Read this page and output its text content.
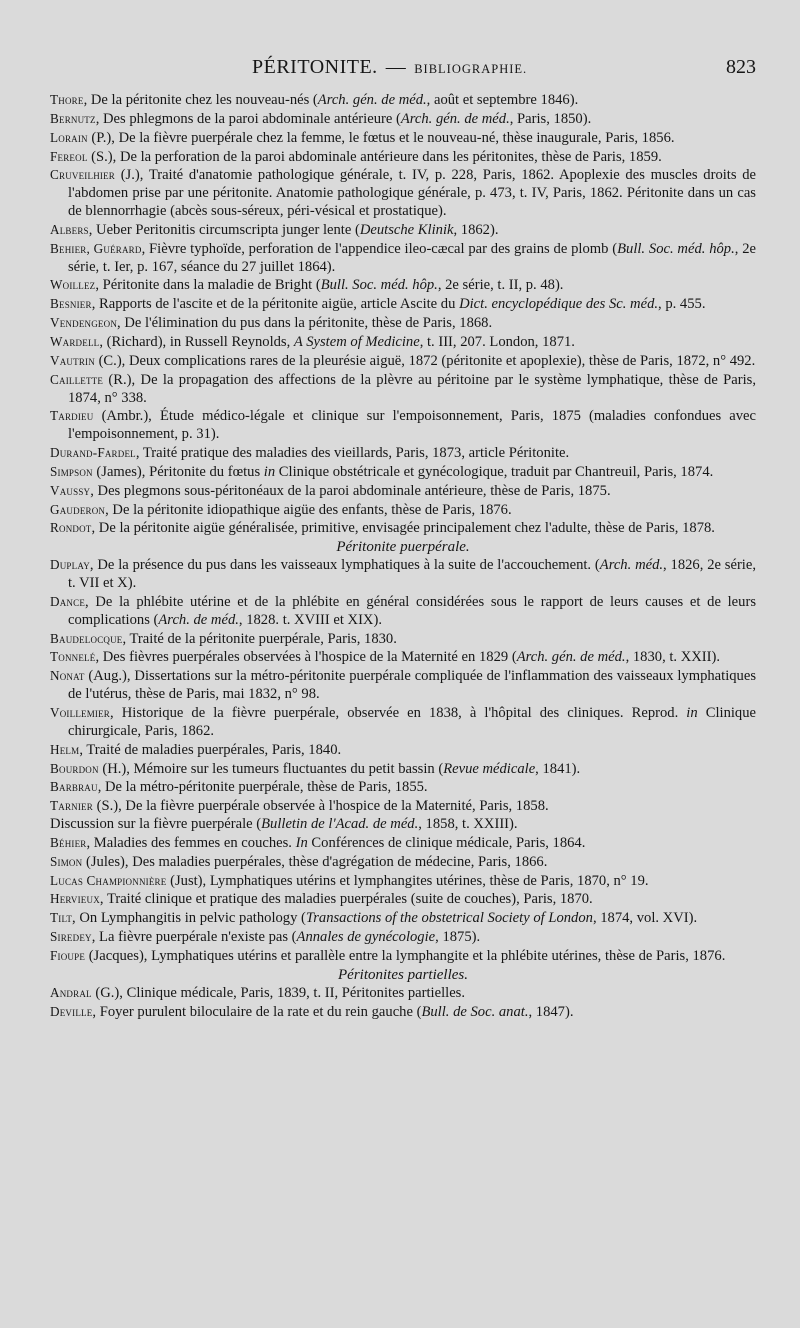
PÉRITONITE. — BIBLIOGRAPHIE.	823

Thore, De la péritonite chez les nouveau-nés (Arch. gén. de méd., août et septembre 1846).

Bernutz, Des phlegmons de la paroi abdominale antérieure (Arch. gén. de méd., Paris, 1850).

Lorain (P.), De la fièvre puerpérale chez la femme, le fœtus et le nouveau-né, thèse inaugurale, Paris, 1856.

Fereol (S.), De la perforation de la paroi abdominale antérieure dans les péritonites, thèse de Paris, 1859.

Cruveilhier (J.), Traité d'anatomie pathologique générale, t. IV, p. 228, Paris, 1862. Apoplexie des muscles droits de l'abdomen prise par une péritonite. Anatomie pathologique générale, p. 473, t. IV, Paris, 1862. Péritonite dans un cas de blennorrhagie (abcès sous-séreux, péri-vésical et prostatique).

Albers, Ueber Peritonitis circumscripta junger lente (Deutsche Klinik, 1862).

Behier, Guérard, Fièvre typhoïde, perforation de l'appendice ileo-cæcal par des grains de plomb (Bull. Soc. méd. hôp., 2e série, t. Ier, p. 167, séance du 27 juillet 1864).

Woillez, Péritonite dans la maladie de Bright (Bull. Soc. méd. hôp., 2e série, t. II, p. 48).

Besnier, Rapports de l'ascite et de la péritonite aigüe, article Ascite du Dict. encyclopédique des Sc. méd., p. 455.

Vendengeon, De l'élimination du pus dans la péritonite, thèse de Paris, 1868.

Wardell, (Richard), in Russell Reynolds, A System of Medicine, t. III, 207. London, 1871.

Vautrin (C.), Deux complications rares de la pleurésie aiguë, 1872 (péritonite et apoplexie), thèse de Paris, 1872, n° 492.

Caillette (R.), De la propagation des affections de la plèvre au péritoine par le système lymphatique, thèse de Paris, 1874, n° 338.

Tardieu (Ambr.), Étude médico-légale et clinique sur l'empoisonnement, Paris, 1875 (maladies confondues avec l'empoisonnement, p. 31).

Durand-Fardel, Traité pratique des maladies des vieillards, Paris, 1873, article Péritonite.

Simpson (James), Péritonite du fœtus in Clinique obstétricale et gynécologique, traduit par Chantreuil, Paris, 1874.

Vaussy, Des plegmons sous-péritonéaux de la paroi abdominale antérieure, thèse de Paris, 1875.

Gauderon, De la péritonite idiopathique aigüe des enfants, thèse de Paris, 1876.

Rondot, De la péritonite aigüe généralisée, primitive, envisagée principalement chez l'adulte, thèse de Paris, 1878.

Péritonite puerpérale.

Duplay, De la présence du pus dans les vaisseaux lymphatiques à la suite de l'accouchement. (Arch. méd., 1826, 2e série, t. VII et X).

Dance, De la phlébite utérine et de la phlébite en général considérées sous le rapport de leurs causes et de leurs complications (Arch. de méd., 1828. t. XVIII et XIX).

Baudelocque, Traité de la péritonite puerpérale, Paris, 1830.

Tonnelé, Des fièvres puerpérales observées à l'hospice de la Maternité en 1829 (Arch. gén. de méd., 1830, t. XXII).

Nonat (Aug.), Dissertations sur la métro-péritonite puerpérale compliquée de l'inflammation des vaisseaux lymphatiques de l'utérus, thèse de Paris, mai 1832, n° 98.

Voillemier, Historique de la fièvre puerpérale, observée en 1838, à l'hôpital des cliniques. Reprod. in Clinique chirurgicale, Paris, 1862.

Helm, Traité de maladies puerpérales, Paris, 1840.

Bourdon (H.), Mémoire sur les tumeurs fluctuantes du petit bassin (Revue médicale, 1841).

Barbrau, De la métro-péritonite puerpérale, thèse de Paris, 1855.

Tarnier (S.), De la fièvre puerpérale observée à l'hospice de la Maternité, Paris, 1858.

Discussion sur la fièvre puerpérale (Bulletin de l'Acad. de méd., 1858, t. XXIII).

Béhier, Maladies des femmes en couches. In Conférences de clinique médicale, Paris, 1864.

Simon (Jules), Des maladies puerpérales, thèse d'agrégation de médecine, Paris, 1866.

Lucas Championnière (Just), Lymphatiques utérins et lymphangites utérines, thèse de Paris, 1870, n° 19.

Hervieux, Traité clinique et pratique des maladies puerpérales (suite de couches), Paris, 1870.

Tilt, On Lymphangitis in pelvic pathology (Transactions of the obstetrical Society of London, 1874, vol. XVI).

Siredey, La fièvre puerpérale n'existe pas (Annales de gynécologie, 1875).

Fioupe (Jacques), Lymphatiques utérins et parallèle entre la lymphangite et la phlébite utérines, thèse de Paris, 1876.

Péritonites partielles.

Andral (G.), Clinique médicale, Paris, 1839, t. II, Péritonites partielles.

Deville, Foyer purulent biloculaire de la rate et du rein gauche (Bull. de Soc. anat., 1847).
